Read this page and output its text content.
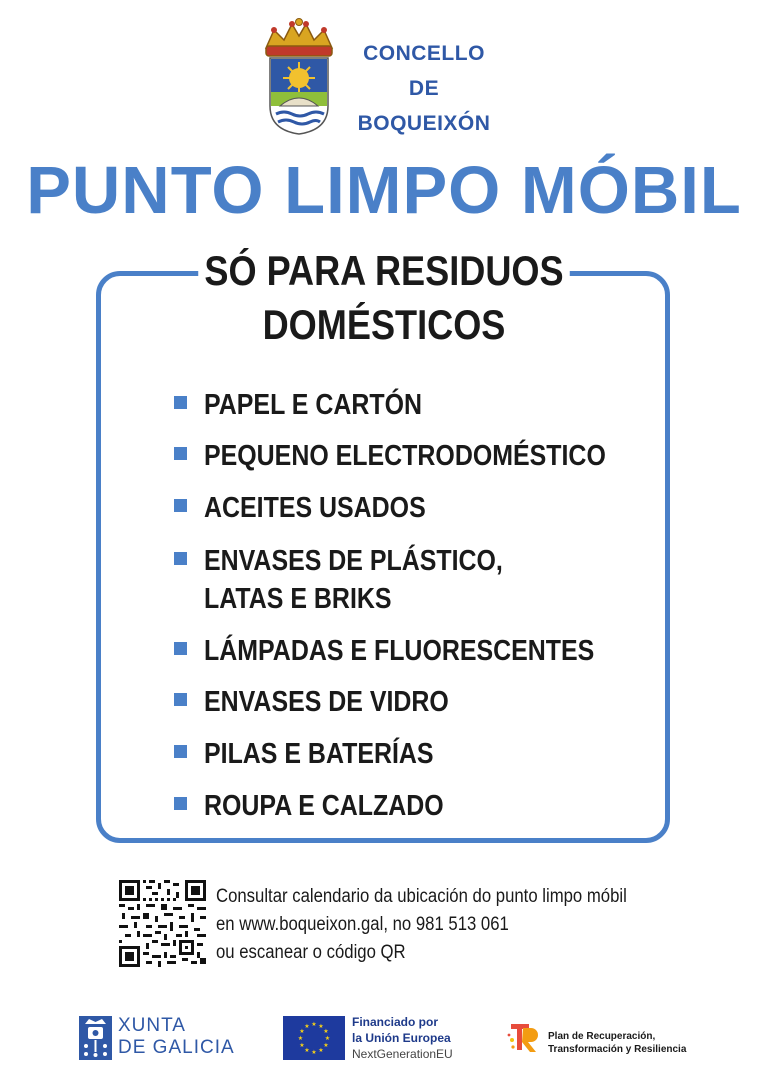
CONCELLO
DE
BOQUEIXÓN
PUNTO LIMPO MÓBIL
SÓ PARA RESIDUOS
DOMÉSTICOS
PAPEL E CARTÓN
PEQUENO ELECTRODOMÉSTICO
ACEITES USADOS
ENVASES DE PLÁSTICO,
LATAS E BRIKS
LÁMPADAS E FLUORESCENTES
ENVASES DE VIDRO
PILAS E BATERÍAS
ROUPA E CALZADO
Consultar calendario da ubicación do punto limpo móbil
en www.boqueixon.gal, no 981 513 061
ou escanear o código QR
XUNTA
DE GALICIA
★ ★
★
★
★
★
★
★
★
★
★
★	Financiado por
la Unión Europea
NextGenerationEU
Plan de Recuperación,
Transformación y Resiliencia
